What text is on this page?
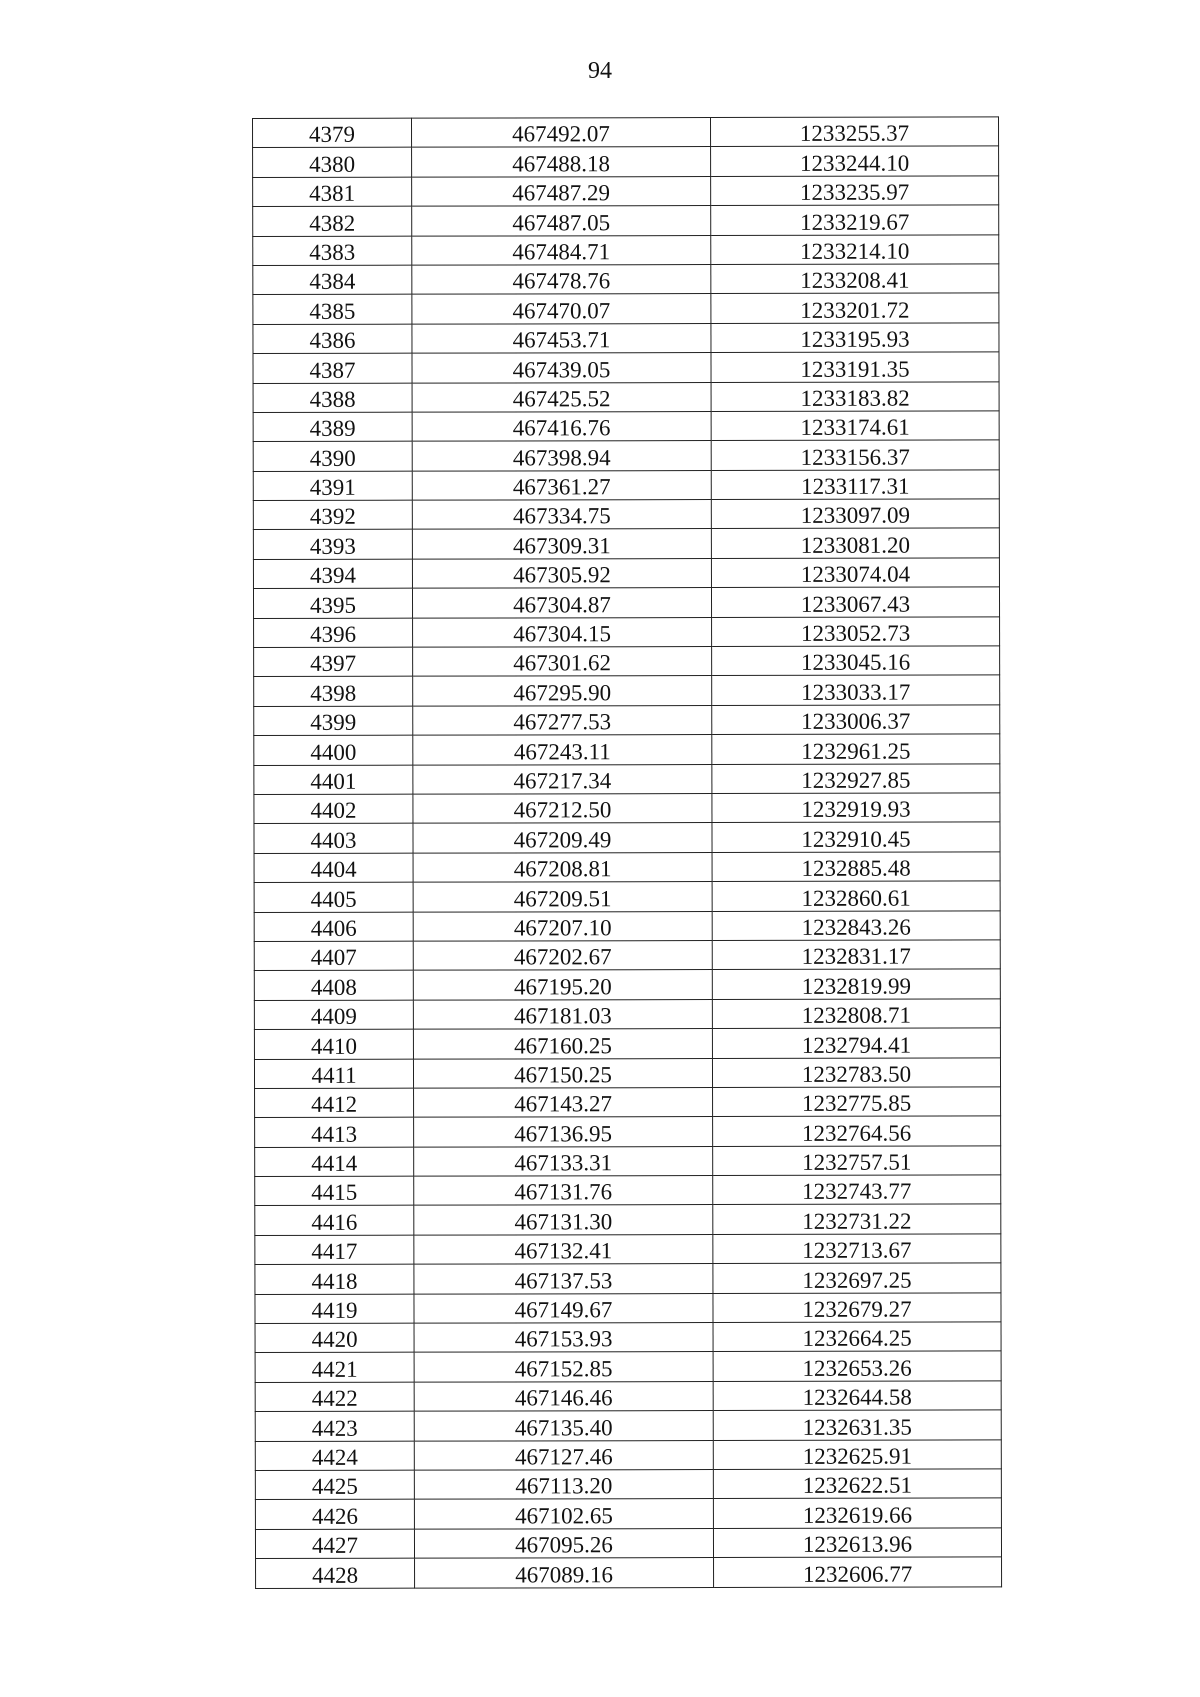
94
4379	467492.07	1233255.37
4380	467488.18	1233244.10
4381	467487.29	1233235.97
4382	467487.05	1233219.67
4383	467484.71	1233214.10
4384	467478.76	1233208.41
4385	467470.07	1233201.72
4386	467453.71	1233195.93
4387	467439.05	1233191.35
4388	467425.52	1233183.82
4389	467416.76	1233174.61
4390	467398.94	1233156.37
4391	467361.27	1233117.31
4392	467334.75	1233097.09
4393	467309.31	1233081.20
4394	467305.92	1233074.04
4395	467304.87	1233067.43
4396	467304.15	1233052.73
4397	467301.62	1233045.16
4398	467295.90	1233033.17
4399	467277.53	1233006.37
4400	467243.11	1232961.25
4401	467217.34	1232927.85
4402	467212.50	1232919.93
4403	467209.49	1232910.45
4404	467208.81	1232885.48
4405	467209.51	1232860.61
4406	467207.10	1232843.26
4407	467202.67	1232831.17
4408	467195.20	1232819.99
4409	467181.03	1232808.71
4410	467160.25	1232794.41
4411	467150.25	1232783.50
4412	467143.27	1232775.85
4413	467136.95	1232764.56
4414	467133.31	1232757.51
4415	467131.76	1232743.77
4416	467131.30	1232731.22
4417	467132.41	1232713.67
4418	467137.53	1232697.25
4419	467149.67	1232679.27
4420	467153.93	1232664.25
4421	467152.85	1232653.26
4422	467146.46	1232644.58
4423	467135.40	1232631.35
4424	467127.46	1232625.91
4425	467113.20	1232622.51
4426	467102.65	1232619.66
4427	467095.26	1232613.96
4428	467089.16	1232606.77
